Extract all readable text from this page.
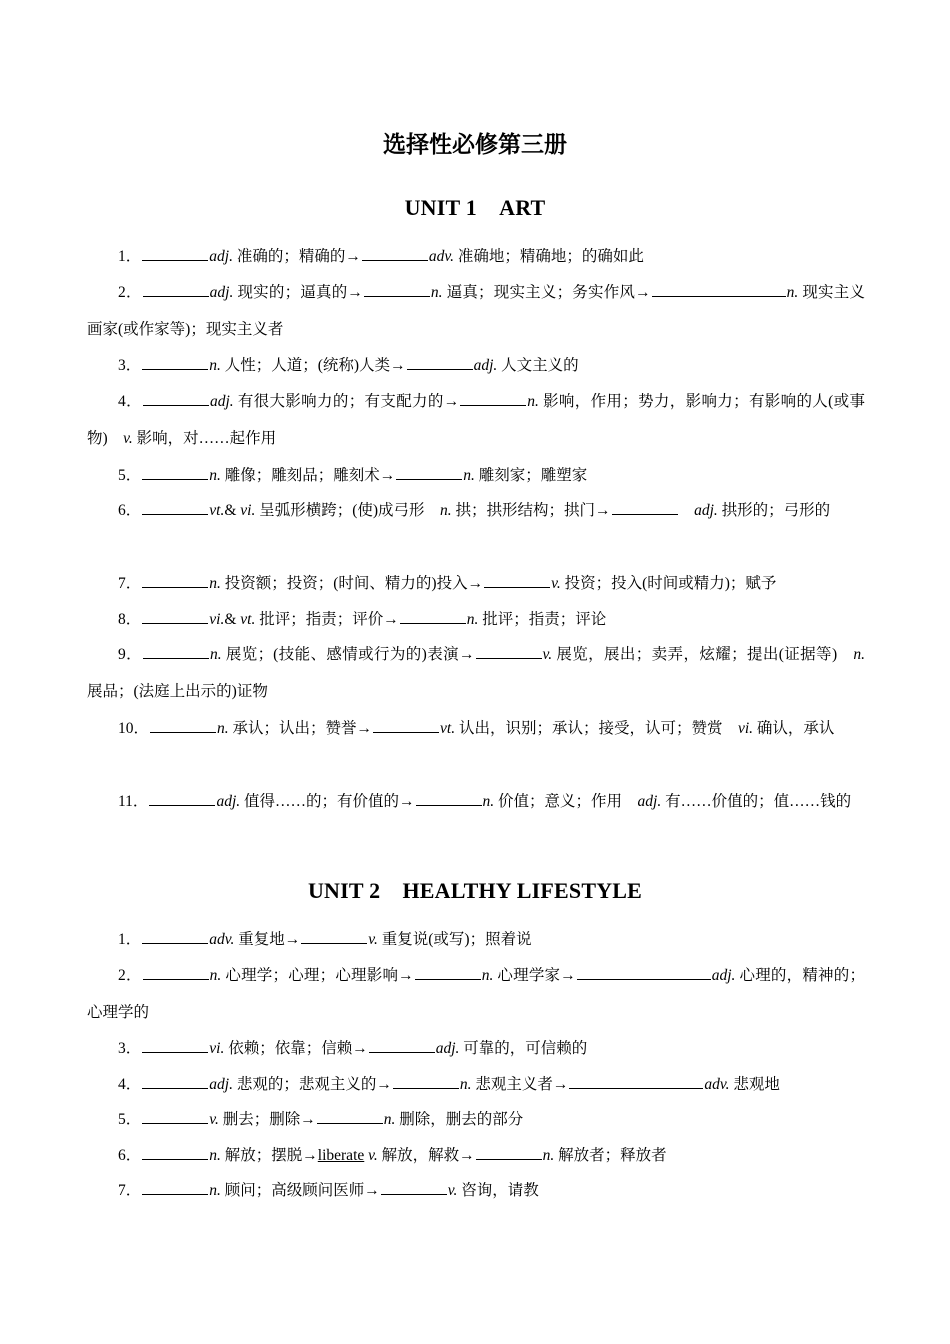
选择性必修第三册
UNIT 1　ART

1．	adj. 准确的；精确的→	adv. 准确地；精确地；的确如此

2．	adj. 现实的；逼真的→	n. 逼真；现实主义；务实作风→	n. 现实主义画家(或作家等)；现实主义者

3．	n. 人性；人道；(统称)人类→	adj. 人文主义的

4．	adj. 有很大影响力的；有支配力的→	n. 影响，作用；势力，影响力；有影响的人(或事物)　v. 影响，对……起作用

5．	n. 雕像；雕刻品；雕刻术→	n. 雕刻家；雕塑家

6．	vt.& vi. 呈弧形横跨；(使)成弓形　n. 拱；拱形结构；拱门→　	adj. 拱形的；弓形的

7．	n. 投资额；投资；(时间、精力的)投入→	v. 投资；投入(时间或精力)；赋予

8．	vi.& vt. 批评；指责；评价→	n. 批评；指责；评论

9．	n. 展览；(技能、感情或行为的)表演→	v. 展览，展出；卖弄，炫耀；提出(证据等)　n. 展品；(法庭上出示的)证物

10．	n. 承认；认出；赞誉→	vt. 认出，识别；承认；接受，认可；赞赏　vi. 确认，承认

11．	adj. 值得……的；有价值的→	n. 价值；意义；作用　adj. 有……价值的；值……钱的

UNIT 2　HEALTHY LIFESTYLE

1．	adv. 重复地→	v. 重复说(或写)；照着说

2．	n. 心理学；心理；心理影响→	n. 心理学家→	adj. 心理的，精神的；心理学的

3．	vi. 依赖；依靠；信赖→	adj. 可靠的，可信赖的

4．	adj. 悲观的；悲观主义的→	n. 悲观主义者→	adv. 悲观地

5．	v. 删去；删除→	n. 删除，删去的部分

6．	n. 解放；摆脱→liberate v. 解放，解救→	n. 解放者；释放者

7．	n. 顾问；高级顾问医师→	v. 咨询，请教
